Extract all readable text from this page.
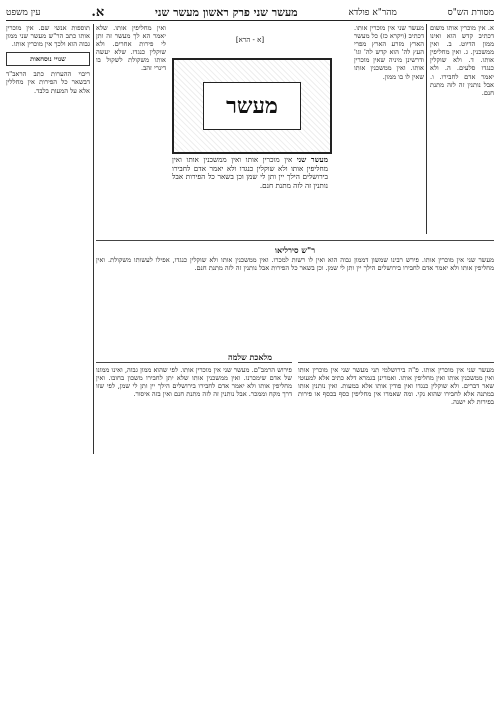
מסורת הש"ס
מהר"א פולדא
מעשר שני פרק ראשון מעשר שני
א.
עין משפט

א. אין מוכרין אותו משום דכתיב קדש הוא ואינו ממון הדיוט. ב. ואין ממשכנין. ג. ואין מחליפין אותו. ד. ולא שוקלין כנגדו סלעים. ה. ולא יאמר אדם לחבירו. ו. אבל נותנין זה לזה מתנת חנם.

מעשר שני אין מוכרין אותו. דכתיב (ויקרא כז) כל מעשר הארץ מזרע הארץ מפרי העץ לה' הוא קדש לה' וגו' ודרשינן מיניה שאין מוכרין אותו. ואין ממשכנין אותו שאין לו בו ממון.

[א - הרא]
מעשר
מעשר שני אין מוכרין אותו ואין ממשכנין אותו ואין מחליפין אותו ולא שוקלין כנגדו ולא יאמר אדם לחבירו בירושלים הילך יין ותן לי שמן וכן בשאר כל הפירות אבל נותנין זה לזה מתנת חנם.

ואין מחליפין אותו. שלא יאמר הא לך מעשר זה ותן לי פירות אחרים. ולא שוקלין כנגדו. שלא יעשה אותו משקולת לשקול בו דינרי זהב.

תוספות אנשי שם. אין מוכרין אותו כתב הר"ש מעשר שני ממון גבוה הוא ולכך אין מוכרין אותו.

שנויי נוסחאות

ריבוי ההערות כתב הראב"ד דבשאר כל הפירות אין מחללין אלא על המעות בלבד.

ר"ש סירליאו

מעשר שני אין מוכרין אותו. פירש רבינו שמשון דממון גבוה הוא ואין לו רשות למכרו. ואין ממשכנין אותו ולא שוקלין כנגדו, אפילו לעשותו משקולת. ואין מחליפין אותו ולא יאמר אדם לחבירו בירושלים הילך יין ותן לי שמן. וכן בשאר כל הפירות אבל נותנין זה לזה מתנת חנם.

מלאכת שלמה

מעשר שני אין מוכרין אותו. פ"ה בירושלמי תני מעשר שני אין מוכרין אותו ואין ממשכנין אותו ואין מחליפין אותו. ואמרינן בגמרא דלא כתיב אלא למעוטי שאר דברים. ולא שוקלין כנגדו ואין פודין אותו אלא במעות. ואין נותנין אותו במתנה אלא לחבירו שהוא נקי. ומה שאמרו אין מחליפין כסף בכסף או פירות בפירות לא ישנה.

פירוש הרמב"ם. מעשר שני אין מוכרין אותו. לפי שהוא ממון גבוה, ואינו ממונו של אדם שימכרנו. ואין ממשכנין אותו שלא יתן לחבירו משכון בחובו. ואין מחליפין אותו ולא יאמר אדם לחבירו בירושלים הילך יין ותן לי שמן, לפי שזו דרך מקח וממכר. אבל נותנין זה לזה מתנת חנם ואין בזה איסור.
